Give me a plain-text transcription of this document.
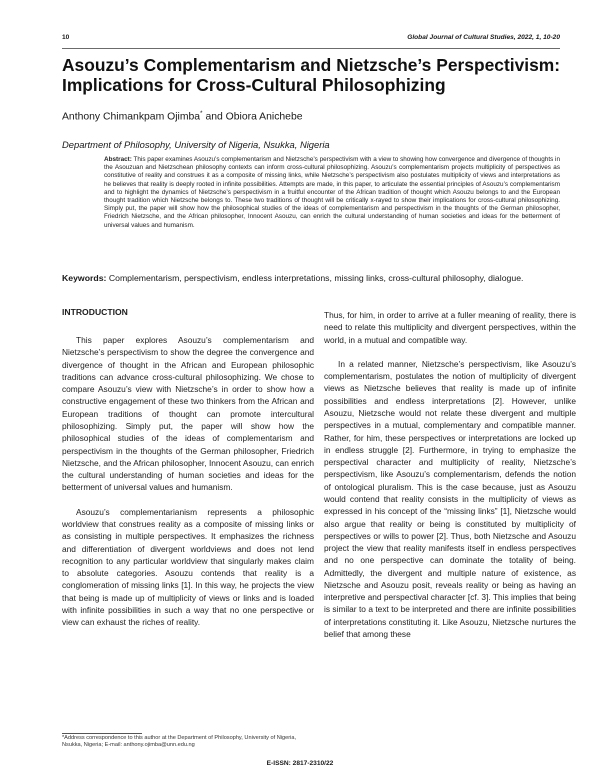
10	Global Journal of Cultural Studies, 2022, 1, 10-20
Asouzu’s Complementarism and Nietzsche’s Perspectivism:
Implications for Cross-Cultural Philosophizing
Anthony Chimankpam Ojimba* and Obiora Anichebe
Department of Philosophy, University of Nigeria, Nsukka, Nigeria

Abstract: This paper examines Asouzu’s complementarism and Nietzsche’s perspectivism with a view to showing how convergence and divergence of thoughts in the Asouzuan and Nietzschean philosophy contexts can inform cross-cultural philosophizing. Asouzu’s complementarism projects multiplicity of perspectives as constitutive of reality and construes it as a composite of missing links, while Nietzsche’s perspectivism also postulates multiplicity of views and interpretations as he believes that reality is deeply rooted in infinite possibilities. Attempts are made, in this paper, to articulate the essential principles of Asouzu’s complementarism and to highlight the dynamics of Nietzsche’s perspectivism in a fruitful encounter of the African tradition of thought which Asouzu belongs to and the European thought tradition which Nietzsche belongs to. These two traditions of thought will be critically x-rayed to show their implications for cross-cultural philosophizing. Simply put, the paper will show how the philosophical studies of the ideas of complementarism and perspectivism in the thoughts of the German philosopher, Friedrich Nietzsche, and the African philosopher, Innocent Asouzu, can enrich the cultural understanding of human societies and ideas for the betterment of universal values and humanism.

Keywords: Complementarism, perspectivism, endless interpretations, missing links, cross-cultural philosophy, dialogue.

INTRODUCTION

This paper explores Asouzu’s complementarism and Nietzsche’s perspectivism to show the degree the convergence and divergence of thought in the African and European philosophic traditions can advance cross-cultural philosophizing. We chose to compare Asouzu’s view with Nietzsche’s in order to show how a constructive engagement of these two thinkers from the African and European traditions of thought can promote intercultural philosophizing. Simply put, the paper will show how the philosophical studies of the ideas of complementarism and perspectivism in the thoughts of the German philosopher, Friedrich Nietzsche, and the African philosopher, Innocent Asouzu, can enrich the cultural understanding of human societies and ideas for the betterment of universal values and humanism.

Asouzu’s complementarianism represents a philosophic worldview that construes reality as a composite of missing links or as consisting in multiple perspectives. It emphasizes the richness and differentiation of divergent worldviews and does not lend recognition to any particular worldview that singularly makes claim to absolute categories. Asouzu contends that reality is a conglomeration of missing links [1]. In this way, he projects the view that being is made up of multiplicity of views or links and is loaded with infinite possibilities in such a way that no one perspective or view can exhaust the riches of reality.

Thus, for him, in order to arrive at a fuller meaning of reality, there is need to relate this multiplicity and divergent perspectives, within the world, in a mutual and compatible way.

In a related manner, Nietzsche’s perspectivism, like Asouzu’s complementarism, postulates the notion of multiplicity of divergent views as Nietzsche believes that reality is made up of infinite possibilities and endless interpretations [2]. However, unlike Asouzu, Nietzsche would not relate these divergent and multiple perspectives in a mutual, complementary and compatible manner. Rather, for him, these perspectives or interpretations are locked up in endless struggle [2]. Furthermore, in trying to emphasize the perspectival character and multiplicity of reality, Nietzsche’s perspectivism, like Asouzu’s complementarism, defends the notion of ontological pluralism. This is the case because, just as Asouzu would contend that reality consists in the multiplicity of views as expressed in his concept of the “missing links” [1], Nietzsche would also argue that reality or being is constituted by multiplicity of perspectives or wills to power [2]. Thus, both Nietzsche and Asouzu project the view that reality manifests itself in endless perspectives and no one perspective can dominate the totality of being. Admittedly, the divergent and multiple nature of existence, as Nietzsche and Asouzu posit, reveals reality or being as having an interpretive and perspectival character [cf. 3]. This implies that being is similar to a text to be interpreted and there are infinite possibilities of interpretations constituting it. Like Asouzu, Nietzsche nurtures the belief that among these

*Address correspondence to this author at the Department of Philosophy, University of Nigeria, Nsukka, Nigeria; E-mail: anthony.ojimba@unn.edu.ng

E-ISSN: 2817-2310/22
